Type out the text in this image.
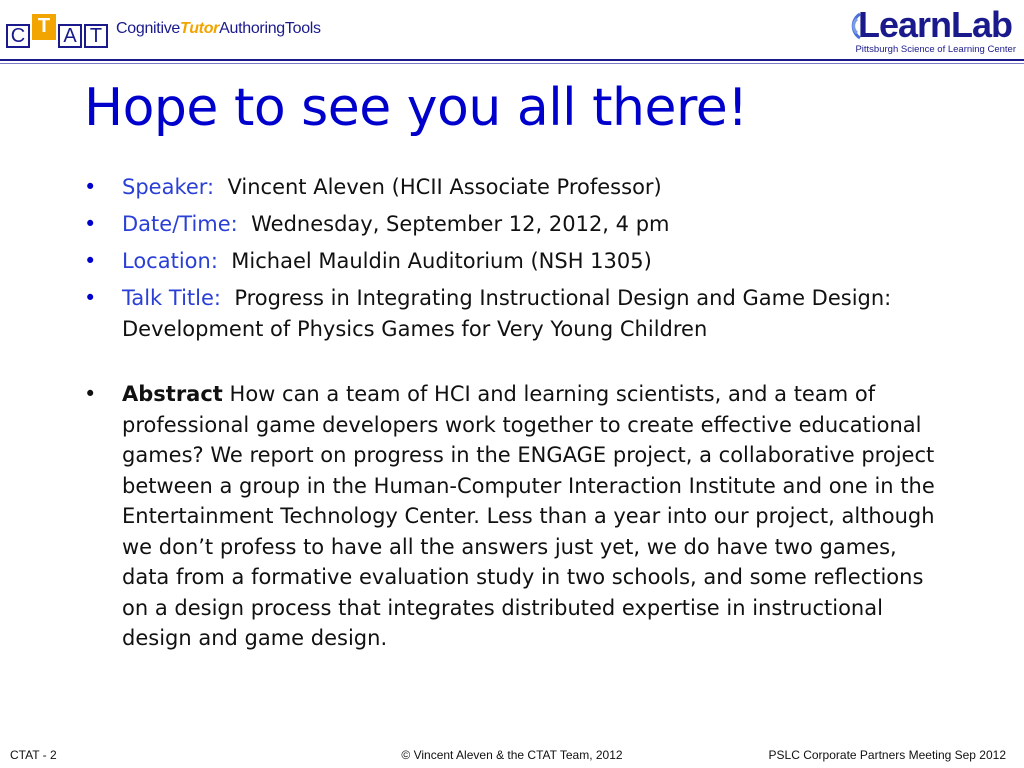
C T A T CognitiveTutorAuthoringTools	LearnLab
Pittsburgh Science of Learning Center
Hope to see you all there!
• Speaker: Vincent Aleven (HCII Associate Professor)
• Date/Time: Wednesday, September 12, 2012, 4 pm
• Location: Michael Mauldin Auditorium (NSH 1305)
• Talk Title: Progress in Integrating Instructional Design and Game Design: Development of Physics Games for Very Young Children
• Abstract How can a team of HCI and learning scientists, and a team of professional game developers work together to create effective educational games? We report on progress in the ENGAGE project, a collaborative project between a group in the Human-Computer Interaction Institute and one in the Entertainment Technology Center. Less than a year into our project, although we don’t profess to have all the answers just yet, we do have two games, data from a formative evaluation study in two schools, and some reflections on a design process that integrates distributed expertise in instructional design and game design.
CTAT - 2	© Vincent Aleven & the CTAT Team, 2012	PSLC Corporate Partners Meeting Sep 2012
